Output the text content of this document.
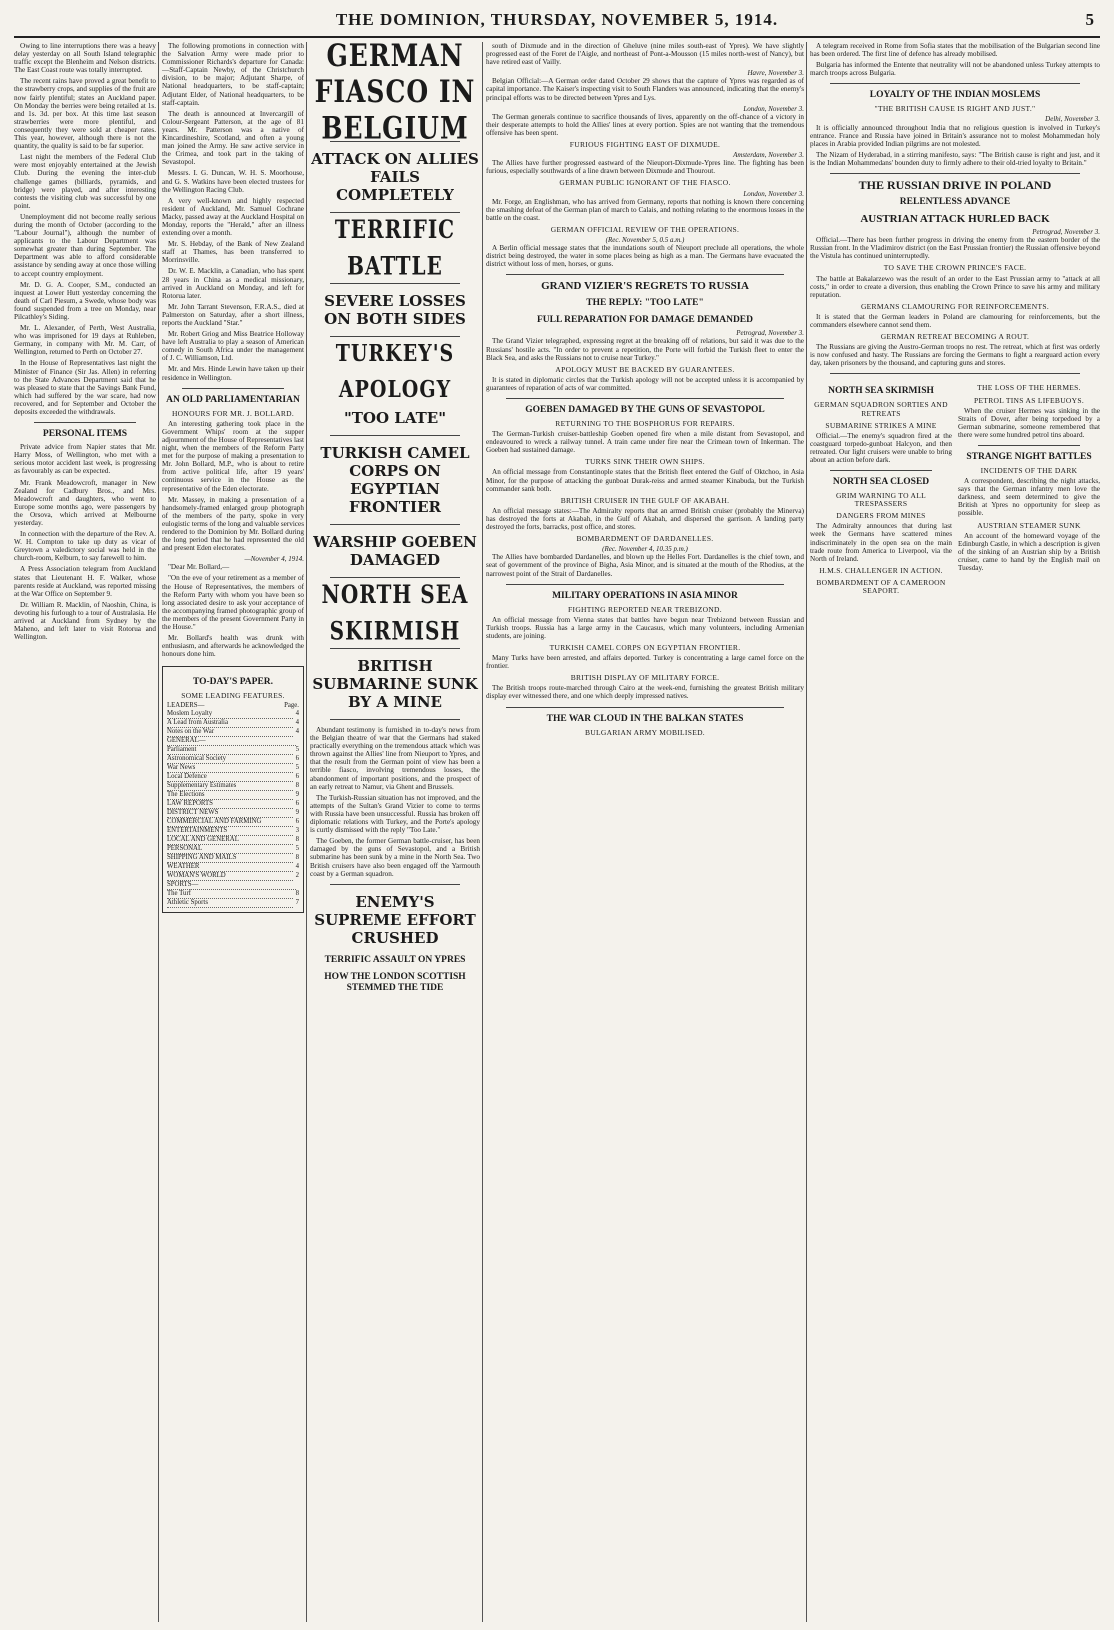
THE DOMINION, THURSDAY, NOVEMBER 5, 1914.	5

Owing to line interruptions there was a heavy delay yesterday on all South Island telegraphic traffic except the Blenheim and Nelson districts. The East Coast route was totally interrupted.

The recent rains have proved a great benefit to the strawberry crops, and supplies of the fruit are now fairly plentiful; states an Auckland paper. On Monday the berries were being retailed at 1s. and 1s. 3d. per box. At this time last season strawberries were more plentiful, and consequently they were sold at cheaper rates. This year, however, although there is not the quantity, the quality is said to be far superior.

Last night the members of the Federal Club were most enjoyably entertained at the Jewish Club. During the evening the inter-club challenge games (billiards, pyramids, and bridge) were played, and after interesting contests the visiting club was successful by one point.

Unemployment did not become really serious during the month of October (according to the "Labour Journal"), although the number of applicants to the Labour Department was somewhat greater than during September. The Department was able to afford considerable assistance by sending away at once those willing to accept country employment.

Mr. D. G. A. Cooper, S.M., conducted an inquest at Lower Hutt yesterday concerning the death of Carl Piesum, a Swede, whose body was found suspended from a tree on Monday, near Pilcathley's Siding.

Mr. L. Alexander, of Perth, West Australia, who was imprisoned for 19 days at Ruhleben, Germany, in company with Mr. M. Carr, of Wellington, returned to Perth on October 27.

In the House of Representatives last night the Minister of Finance (Sir Jas. Allen) in referring to the State Advances Department said that he was pleased to state that the Savings Bank Fund, which had suffered by the war scare, had now recovered, and for September and October the deposits exceeded the withdrawals.

PERSONAL ITEMS

Private advice from Napier states that Mr. Harry Moss, of Wellington, who met with a serious motor accident last week, is progressing as favourably as can be expected.

Mr. Frank Meadowcroft, manager in New Zealand for Cadbury Bros., and Mrs. Meadowcroft and daughters, who went to Europe some months ago, were passengers by the Orsova, which arrived at Melbourne yesterday.

In connection with the departure of the Rev. A. W. H. Compton to take up duty as vicar of Greytown a valedictory social was held in the church-room, Kelburn, to say farewell to him.

A Press Association telegram from Auckland states that Lieutenant H. F. Walker, whose parents reside at Auckland, was reported missing at the War Office on September 9.

Dr. William R. Macklin, of Naoshin, China, is devoting his furlough to a tour of Australasia. He arrived at Auckland from Sydney by the Maheno, and left later to visit Rotorua and Wellington.

The following promotions in connection with the Salvation Army were made prior to Commissioner Richards's departure for Canada:—Staff-Captain Newby, of the Christchurch division, to be major; Adjutant Sharpe, of National headquarters, to be staff-captain; Adjutant Elder, of National headquarters, to be staff-captain.

The death is announced at Invercargill of Colour-Sergeant Patterson, at the age of 81 years. Mr. Patterson was a native of Kincardineshire, Scotland, and often a young man joined the Army. He saw active service in the Crimea, and took part in the taking of Sevastopol.

Messrs. I. G. Duncan, W. H. S. Moorhouse, and G. S. Watkins have been elected trustees for the Wellington Racing Club.

A very well-known and highly respected resident of Auckland, Mr. Samuel Cochrane Macky, passed away at the Auckland Hospital on Monday, reports the "Herald," after an illness extending over a month.

Mr. S. Hebday, of the Bank of New Zealand staff at Thames, has been transferred to Morrinsville.

Dr. W. E. Macklin, a Canadian, who has spent 28 years in China as a medical missionary, arrived in Auckland on Monday, and left for Rotorua later.

Mr. John Tarrant Stevenson, F.R.A.S., died at Palmerston on Saturday, after a short illness, reports the Auckland "Star."

Mr. Robert Griog and Miss Beatrice Holloway have left Australia to play a season of American comedy in South Africa under the management of J. C. Williamson, Ltd.

Mr. and Mrs. Hinde Lewin have taken up their residence in Wellington.

AN OLD PARLIAMENTARIAN
HONOURS FOR MR. J. BOLLARD.

An interesting gathering took place in the Government Whips' room at the supper adjournment of the House of Representatives last night, when the members of the Reform Party met for the purpose of making a presentation to Mr. John Bollard, M.P., who is about to retire from active political life, after 19 years' continuous service in the House as the representative of the Eden electorate.

Mr. Massey, in making a presentation of a handsomely-framed enlarged group photograph of the members of the party, spoke in very eulogistic terms of the long and valuable services rendered to the Dominion by Mr. Bollard during the long period that he had represented the old and present Eden electorates.

—November 4, 1914.

"Dear Mr. Bollard,—

"On the eve of your retirement as a member of the House of Representatives, the members of the Reform Party with whom you have been so long associated desire to ask your acceptance of the accompanying framed photographic group of the members of the present Government Party in the House."

Mr. Bollard's health was drunk with enthusiasm, and afterwards he acknowledged the honours done him.

TO-DAY'S PAPER.
SOME LEADING FEATURES.
LEADERS—	Page.
Moslem Loyalty	4
A Lead from Australia	4
Notes on the War	4
GENERAL—
Parliament	5
Astronomical Society	6
War News	5
Local Defence	6
Supplementary Estimates	8
The Elections	9
LAW REPORTS	6
DISTRICT NEWS	9
COMMERCIAL AND FARMING	6
ENTERTAINMENTS	3
LOCAL AND GENERAL	8
PERSONAL	5
SHIPPING AND MAILS	8
WEATHER	4
WOMAN'S WORLD	2
SPORTS—
The Turf	8
Athletic Sports	7
GERMAN FIASCO IN BELGIUM
ATTACK ON ALLIES FAILS COMPLETELY
TERRIFIC BATTLE
SEVERE LOSSES ON BOTH SIDES
TURKEY'S APOLOGY
"TOO LATE"
TURKISH CAMEL CORPS ON EGYPTIAN FRONTIER
WARSHIP GOEBEN DAMAGED
NORTH SEA SKIRMISH
BRITISH SUBMARINE SUNK BY A MINE

Abundant testimony is furnished in to-day's news from the Belgian theatre of war that the Germans had staked practically everything on the tremendous attack which was thrown against the Allies' line from Nieuport to Ypres, and that the result from the German point of view has been a terrible fiasco, involving tremendous losses, the abandonment of important positions, and the prospect of an early retreat to Namur, via Ghent and Brussels.

The Turkish-Russian situation has not improved, and the attempts of the Sultan's Grand Vizier to come to terms with Russia have been unsuccessful. Russia has broken off diplomatic relations with Turkey, and the Porte's apology is curtly dismissed with the reply "Too Late."

The Goeben, the former German battle-cruiser, has been damaged by the guns of Sevastopol, and a British submarine has been sunk by a mine in the North Sea. Two British cruisers have also been engaged off the Yarmouth coast by a German squadron.

ENEMY'S SUPREME EFFORT CRUSHED
TERRIFIC ASSAULT ON YPRES
HOW THE LONDON SCOTTISH STEMMED THE TIDE

south of Dixmude and in the direction of Gheluve (nine miles south-east of Ypres). We have slightly progressed east of the Foret de l'Aigle, and northeast of Pont-a-Mousson (15 miles north-west of Nancy), but have retired east of Vailly.

Havre, November 3.

Belgian Official:—A German order dated October 29 shows that the capture of Ypres was regarded as of capital importance. The Kaiser's inspecting visit to South Flanders was announced, indicating that the enemy's principal efforts was to be directed between Ypres and Lys.

London, November 3.

The German generals continue to sacrifice thousands of lives, apparently on the off-chance of a victory in their desperate attempts to hold the Allies' lines at every portion. Spies are not wanting that the tremendous offensive has been spent.

FURIOUS FIGHTING EAST OF DIXMUDE.
Amsterdam, November 3.

The Allies have further progressed eastward of the Nieuport-Dixmude-Ypres line. The fighting has been furious, especially southwards of a line drawn between Dixmude and Thourout.

GERMAN PUBLIC IGNORANT OF THE FIASCO.
London, November 3.

Mr. Forge, an Englishman, who has arrived from Germany, reports that nothing is known there concerning the smashing defeat of the German plan of march to Calais, and nothing relating to the enormous losses in the battle on the coast.

GERMAN OFFICIAL REVIEW OF THE OPERATIONS.
(Rec. November 5, 0.5 a.m.)

A Berlin official message states that the inundations south of Nieuport preclude all operations, the whole district being destroyed, the water in some places being as high as a man. The Germans have evacuated the district without loss of men, horses, or guns.

GRAND VIZIER'S REGRETS TO RUSSIA
THE REPLY: "TOO LATE"
FULL REPARATION FOR DAMAGE DEMANDED
Petrograd, November 3.

The Grand Vizier telegraphed, expressing regret at the breaking off of relations, but said it was due to the Russians' hostile acts. "In order to prevent a repetition, the Porte will forbid the Turkish fleet to enter the Black Sea, and asks the Russians not to cruise near Turkey."

APOLOGY MUST BE BACKED BY GUARANTEES.

It is stated in diplomatic circles that the Turkish apology will not be accepted unless it is accompanied by guarantees of reparation of acts of war committed.

GOEBEN DAMAGED BY THE GUNS OF SEVASTOPOL
RETURNING TO THE BOSPHORUS FOR REPAIRS.

The German-Turkish cruiser-battleship Goeben opened fire when a mile distant from Sevastopol, and endeavoured to wreck a railway tunnel. A train came under fire near the Crimean town of Inkerman. The Goeben had sustained damage.

TURKS SINK THEIR OWN SHIPS.

An official message from Constantinople states that the British fleet entered the Gulf of Oktchoo, in Asia Minor, for the purpose of attacking the gunboat Durak-reiss and armed steamer Kinabuda, but the Turkish commander sank both.

BRITISH CRUISER IN THE GULF OF AKABAH.

An official message states:—The Admiralty reports that an armed British cruiser (probably the Minerva) has destroyed the forts at Akabah, in the Gulf of Akabah, and dispersed the garrison. A landing party destroyed the forts, barracks, post office, and stores.

BOMBARDMENT OF DARDANELLES.
(Rec. November 4, 10.35 p.m.)

The Allies have bombarded Dardanelles, and blown up the Helles Fort. Dardanelles is the chief town, and seat of government of the province of Bigha, Asia Minor, and is situated at the mouth of the Rhodius, at the narrowest point of the Strait of Dardanelles.

MILITARY OPERATIONS IN ASIA MINOR
FIGHTING REPORTED NEAR TREBIZOND.

An official message from Vienna states that battles have begun near Trebizond between Russian and Turkish troops. Russia has a large army in the Caucasus, which many volunteers, including Armenian students, are joining.

TURKISH CAMEL CORPS ON EGYPTIAN FRONTIER.

Many Turks have been arrested, and affairs deported. Turkey is concentrating a large camel force on the frontier.

BRITISH DISPLAY OF MILITARY FORCE.

The British troops route-marched through Cairo at the week-end, furnishing the greatest British military display ever witnessed there, and one which deeply impressed natives.

THE WAR CLOUD IN THE BALKAN STATES
BULGARIAN ARMY MOBILISED.

A telegram received in Rome from Sofia states that the mobilisation of the Bulgarian second line has been ordered. The first line of defence has already mobilised.

Bulgaria has informed the Entente that neutrality will not be abandoned unless Turkey attempts to march troops across Bulgaria.

LOYALTY OF THE INDIAN MOSLEMS
"THE BRITISH CAUSE IS RIGHT AND JUST."
Delhi, November 3.

It is officially announced throughout India that no religious question is involved in Turkey's entrance. France and Russia have joined in Britain's assurance not to molest Mohammedan holy places in Arabia provided Indian pilgrims are not molested.

The Nizam of Hyderabad, in a stirring manifesto, says: "The British cause is right and just, and it is the Indian Mohammedans' bounden duty to firmly adhere to their old-tried loyalty to Britain."

THE RUSSIAN DRIVE IN POLAND
RELENTLESS ADVANCE
AUSTRIAN ATTACK HURLED BACK
Petrograd, November 3.

Official.—There has been further progress in driving the enemy from the eastern border of the Russian front. In the Vladimirov district (on the East Prussian frontier) the Russian offensive beyond the Vistula has continued uninterruptedly.

TO SAVE THE CROWN PRINCE'S FACE.

The battle at Bakalarzewo was the result of an order to the East Prussian army to "attack at all costs," in order to create a diversion, thus enabling the Crown Prince to save his army and military reputation.

GERMANS CLAMOURING FOR REINFORCEMENTS.

It is stated that the German leaders in Poland are clamouring for reinforcements, but the commanders elsewhere cannot send them.

GERMAN RETREAT BECOMING A ROUT.

The Russians are giving the Austro-German troops no rest. The retreat, which at first was orderly is now confused and hasty. The Russians are forcing the Germans to fight a rearguard action every day, taken prisoners by the thousand, and capturing guns and stores.

NORTH SEA SKIRMISH
GERMAN SQUADRON SORTIES AND RETREATS
SUBMARINE STRIKES A MINE

Official.—The enemy's squadron fired at the coastguard torpedo-gunboat Halcyon, and then retreated. Our light cruisers were unable to bring about an action before dark.

NORTH SEA CLOSED
GRIM WARNING TO ALL TRESPASSERS
DANGERS FROM MINES

The Admiralty announces that during last week the Germans have scattered mines indiscriminately in the open sea on the main trade route from America to Liverpool, via the North of Ireland.

H.M.S. CHALLENGER IN ACTION.
BOMBARDMENT OF A CAMEROON SEAPORT.
THE LOSS OF THE HERMES.
PETROL TINS AS LIFEBUOYS.

When the cruiser Hermes was sinking in the Straits of Dover, after being torpedoed by a German submarine, someone remembered that there were some hundred petrol tins aboard.

STRANGE NIGHT BATTLES
INCIDENTS OF THE DARK

A correspondent, describing the night attacks, says that the German infantry men love the darkness, and seem determined to give the British at Ypres no opportunity for sleep as possible.

AUSTRIAN STEAMER SUNK

An account of the homeward voyage of the Edinburgh Castle, in which a description is given of the sinking of an Austrian ship by a British cruiser, came to hand by the English mail on Tuesday.
